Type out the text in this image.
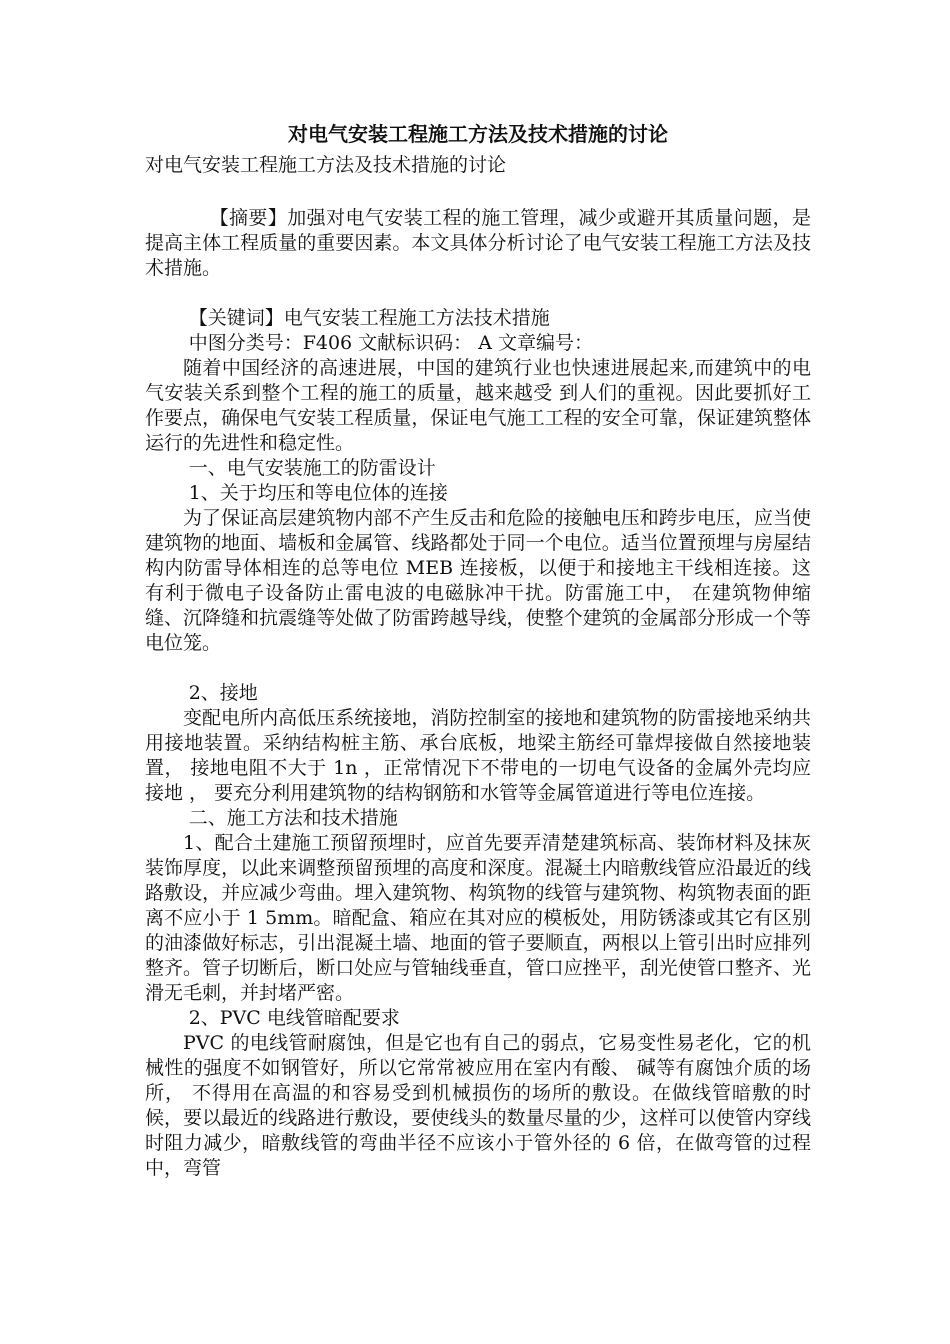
对电气安装工程施工方法及技术措施的讨论

对电气安装工程施工方法及技术措施的讨论

【摘要】加强对电气安装工程的施工管理，减少或避开其质量问题，是提高主体工程质量的重要因素。本文具体分析讨论了电气安装工程施工方法及技术措施。

【关键词】电气安装工程施工方法技术措施

中图分类号：F406 文献标识码： A 文章编号：

随着中国经济的高速进展，中国的建筑行业也快速进展起来,而建筑中的电气安装关系到整个工程的施工的质量，越来越受 到人们的重视。因此要抓好工作要点，确保电气安装工程质量，保证电气施工工程的安全可靠，保证建筑整体运行的先进性和稳定性。

一、电气安装施工的防雷设计

1、关于均压和等电位体的连接

为了保证高层建筑物内部不产生反击和危险的接触电压和跨步电压，应当使建筑物的地面、墙板和金属管、线路都处于同一个电位。适当位置预埋与房屋结构内防雷导体相连的总等电位 MEB 连接板，以便于和接地主干线相连接。这有利于微电子设备防止雷电波的电磁脉冲干扰。防雷施工中， 在建筑物伸缩缝、沉降缝和抗震缝等处做了防雷跨越导线，使整个建筑的金属部分形成一个等电位笼。

2、接地

变配电所内高低压系统接地，消防控制室的接地和建筑物的防雷接地采纳共用接地装置。采纳结构桩主筋、承台底板，地梁主筋经可靠焊接做自然接地装置， 接地电阻不大于 1n ，正常情况下不带电的一切电气设备的金属外壳均应接地 ， 要充分利用建筑物的结构钢筋和水管等金属管道进行等电位连接。

二、施工方法和技术措施

1、配合土建施工预留预埋时，应首先要弄清楚建筑标高、装饰材料及抹灰装饰厚度，以此来调整预留预埋的高度和深度。混凝土内暗敷线管应沿最近的线路敷设，并应减少弯曲。埋入建筑物、构筑物的线管与建筑物、构筑物表面的距离不应小于 1 5mm。暗配盒、箱应在其对应的模板处，用防锈漆或其它有区别的油漆做好标志，引出混凝土墙、地面的管子要顺直，两根以上管引出时应排列整齐。管子切断后，断口处应与管轴线垂直，管口应挫平，刮光使管口整齐、光滑无毛刺，并封堵严密。

2、PVC 电线管暗配要求

PVC 的电线管耐腐蚀，但是它也有自己的弱点，它易变性易老化，它的机械性的强度不如钢管好，所以它常常被应用在室内有酸、 碱等有腐蚀介质的场所， 不得用在高温的和容易受到机械损伤的场所的敷设。在做线管暗敷的时候，要以最近的线路进行敷设，要使线头的数量尽量的少，这样可以使管内穿线时阻力减少，暗敷线管的弯曲半径不应该小于管外径的 6 倍，在做弯管的过程中，弯管
